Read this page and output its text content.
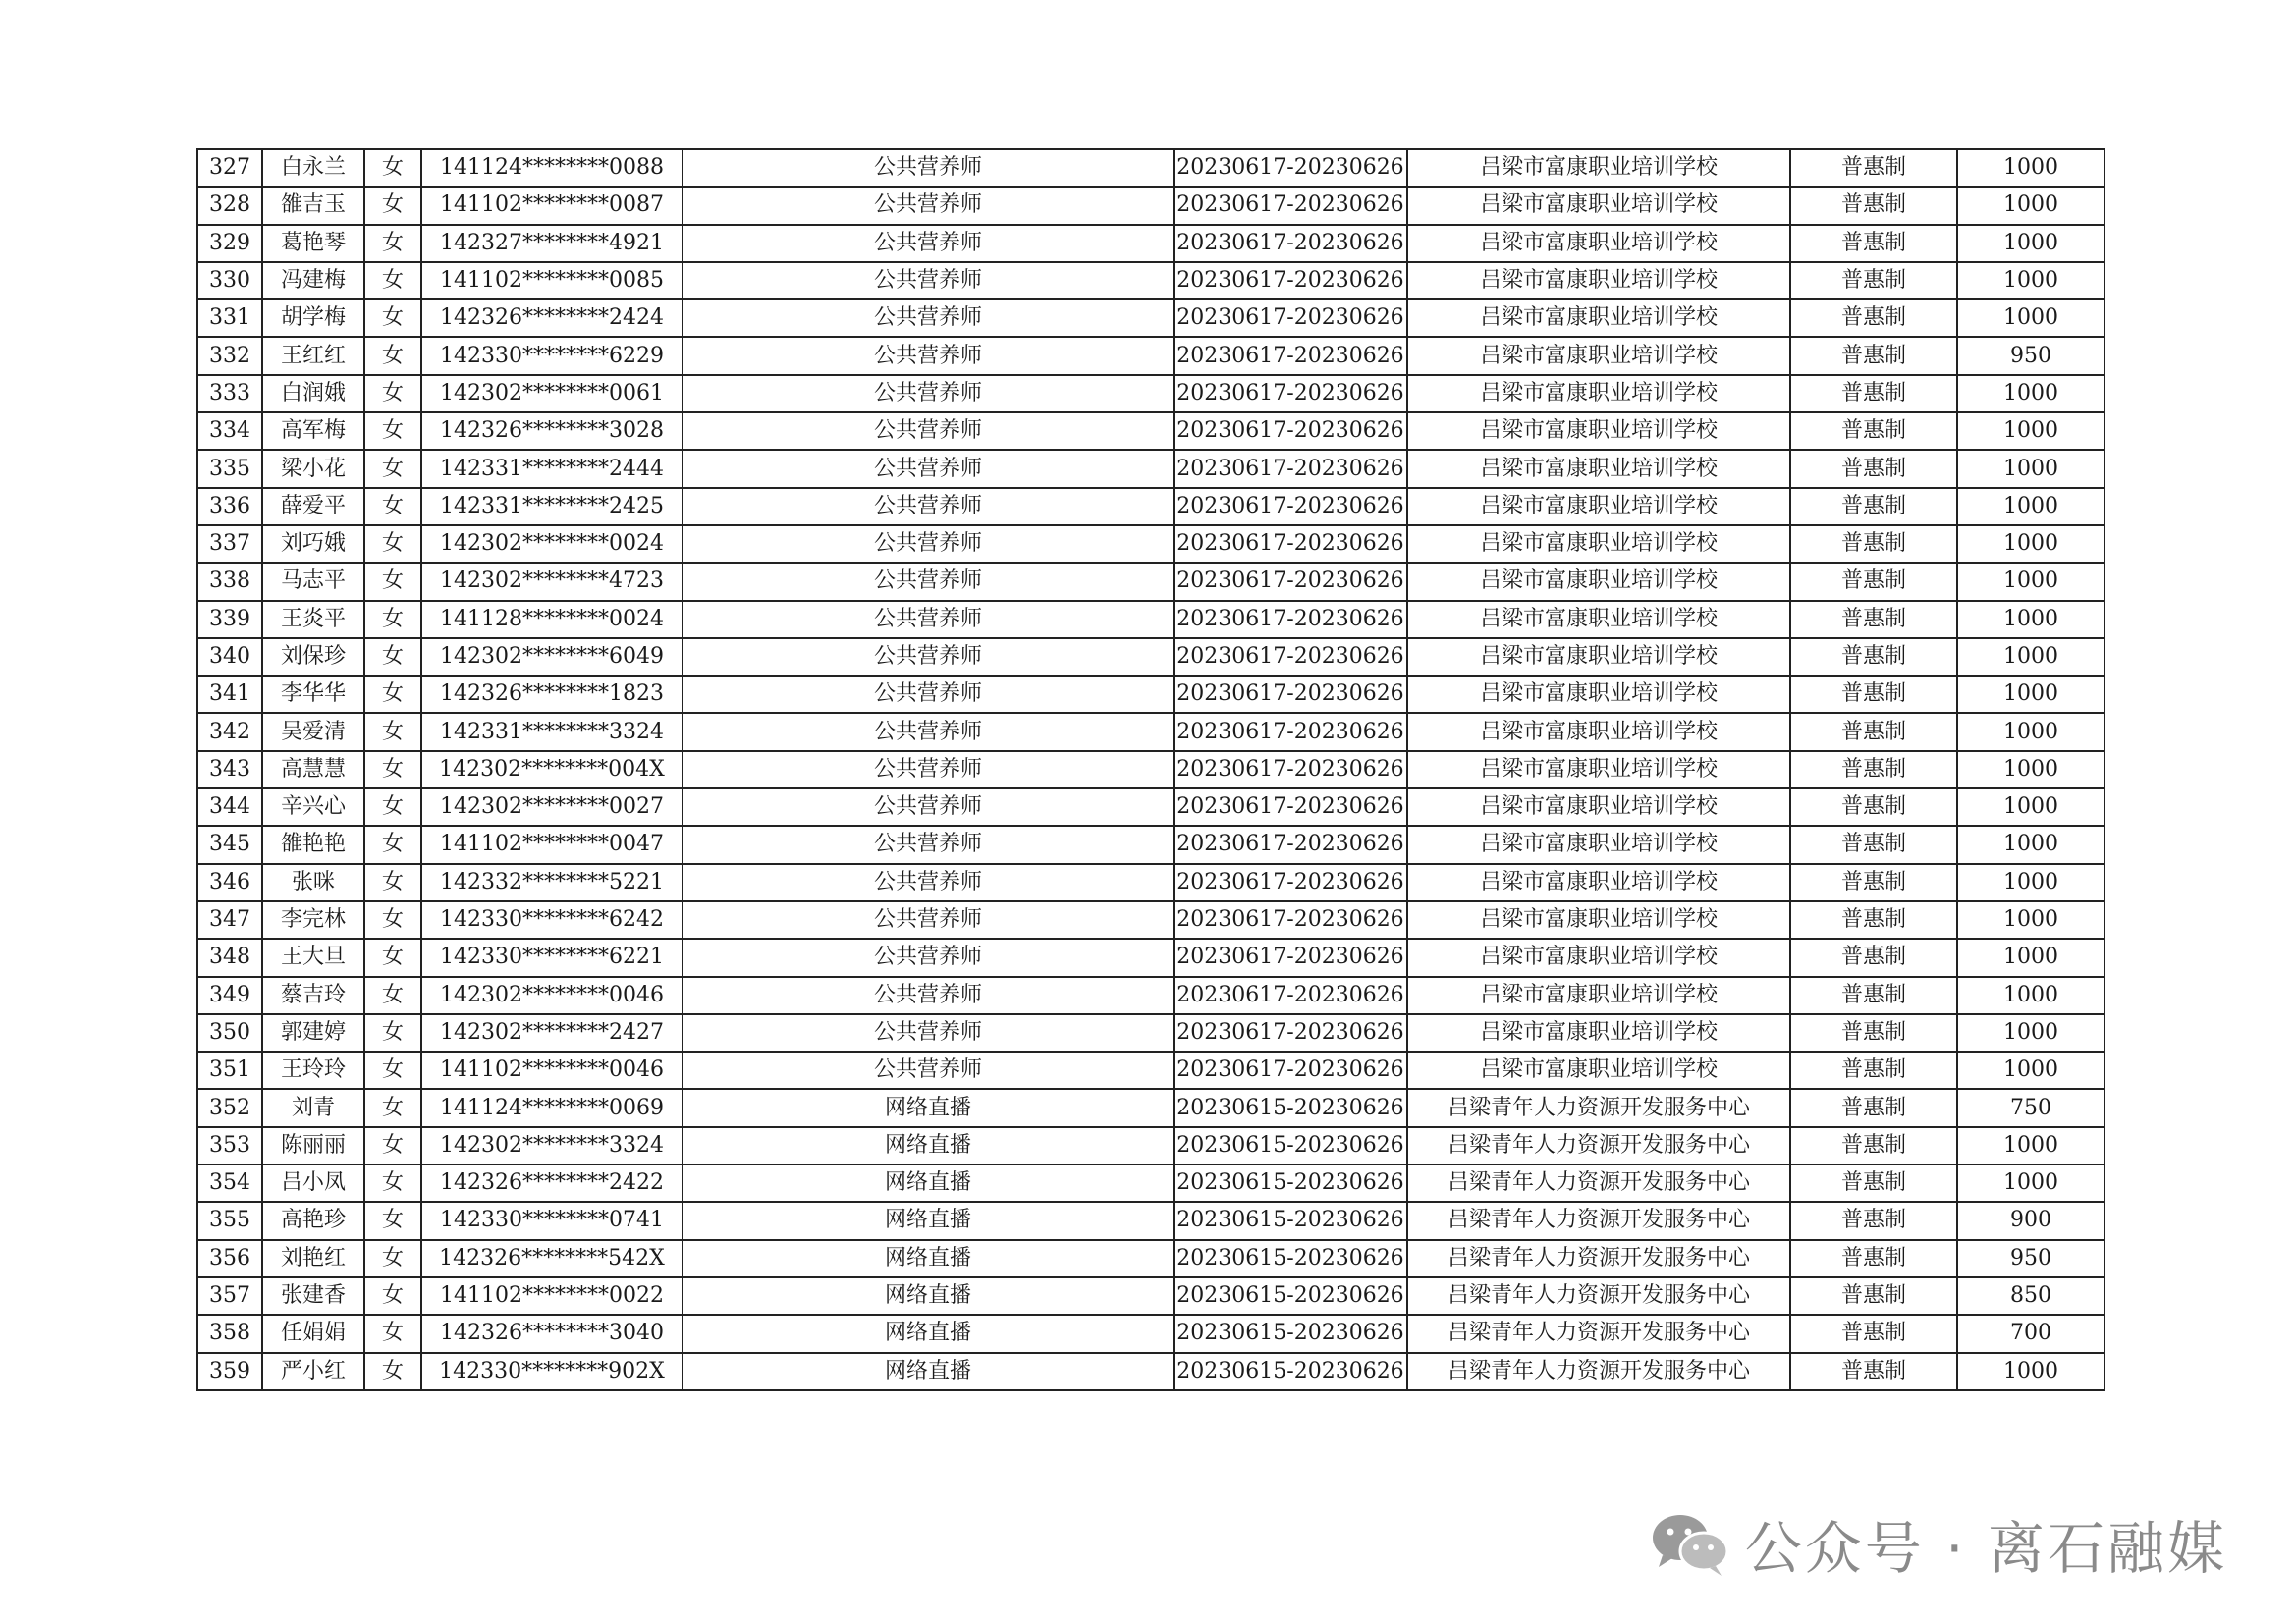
327	白永兰	女	141124********0088	公共营养师	20230617-20230626	吕梁市富康职业培训学校	普惠制	1000
328	雒吉玉	女	141102********0087	公共营养师	20230617-20230626	吕梁市富康职业培训学校	普惠制	1000
329	葛艳琴	女	142327********4921	公共营养师	20230617-20230626	吕梁市富康职业培训学校	普惠制	1000
330	冯建梅	女	141102********0085	公共营养师	20230617-20230626	吕梁市富康职业培训学校	普惠制	1000
331	胡学梅	女	142326********2424	公共营养师	20230617-20230626	吕梁市富康职业培训学校	普惠制	1000
332	王红红	女	142330********6229	公共营养师	20230617-20230626	吕梁市富康职业培训学校	普惠制	950
333	白润娥	女	142302********0061	公共营养师	20230617-20230626	吕梁市富康职业培训学校	普惠制	1000
334	高军梅	女	142326********3028	公共营养师	20230617-20230626	吕梁市富康职业培训学校	普惠制	1000
335	梁小花	女	142331********2444	公共营养师	20230617-20230626	吕梁市富康职业培训学校	普惠制	1000
336	薛爱平	女	142331********2425	公共营养师	20230617-20230626	吕梁市富康职业培训学校	普惠制	1000
337	刘巧娥	女	142302********0024	公共营养师	20230617-20230626	吕梁市富康职业培训学校	普惠制	1000
338	马志平	女	142302********4723	公共营养师	20230617-20230626	吕梁市富康职业培训学校	普惠制	1000
339	王炎平	女	141128********0024	公共营养师	20230617-20230626	吕梁市富康职业培训学校	普惠制	1000
340	刘保珍	女	142302********6049	公共营养师	20230617-20230626	吕梁市富康职业培训学校	普惠制	1000
341	李华华	女	142326********1823	公共营养师	20230617-20230626	吕梁市富康职业培训学校	普惠制	1000
342	吴爱清	女	142331********3324	公共营养师	20230617-20230626	吕梁市富康职业培训学校	普惠制	1000
343	高慧慧	女	142302********004X	公共营养师	20230617-20230626	吕梁市富康职业培训学校	普惠制	1000
344	辛兴心	女	142302********0027	公共营养师	20230617-20230626	吕梁市富康职业培训学校	普惠制	1000
345	雒艳艳	女	141102********0047	公共营养师	20230617-20230626	吕梁市富康职业培训学校	普惠制	1000
346	张咪	女	142332********5221	公共营养师	20230617-20230626	吕梁市富康职业培训学校	普惠制	1000
347	李完林	女	142330********6242	公共营养师	20230617-20230626	吕梁市富康职业培训学校	普惠制	1000
348	王大旦	女	142330********6221	公共营养师	20230617-20230626	吕梁市富康职业培训学校	普惠制	1000
349	蔡吉玲	女	142302********0046	公共营养师	20230617-20230626	吕梁市富康职业培训学校	普惠制	1000
350	郭建婷	女	142302********2427	公共营养师	20230617-20230626	吕梁市富康职业培训学校	普惠制	1000
351	王玲玲	女	141102********0046	公共营养师	20230617-20230626	吕梁市富康职业培训学校	普惠制	1000
352	刘青	女	141124********0069	网络直播	20230615-20230626	吕梁青年人力资源开发服务中心	普惠制	750
353	陈丽丽	女	142302********3324	网络直播	20230615-20230626	吕梁青年人力资源开发服务中心	普惠制	1000
354	吕小凤	女	142326********2422	网络直播	20230615-20230626	吕梁青年人力资源开发服务中心	普惠制	1000
355	高艳珍	女	142330********0741	网络直播	20230615-20230626	吕梁青年人力资源开发服务中心	普惠制	900
356	刘艳红	女	142326********542X	网络直播	20230615-20230626	吕梁青年人力资源开发服务中心	普惠制	950
357	张建香	女	141102********0022	网络直播	20230615-20230626	吕梁青年人力资源开发服务中心	普惠制	850
358	任娟娟	女	142326********3040	网络直播	20230615-20230626	吕梁青年人力资源开发服务中心	普惠制	700
359	严小红	女	142330********902X	网络直播	20230615-20230626	吕梁青年人力资源开发服务中心	普惠制	1000
公众号 · 离石融媒
